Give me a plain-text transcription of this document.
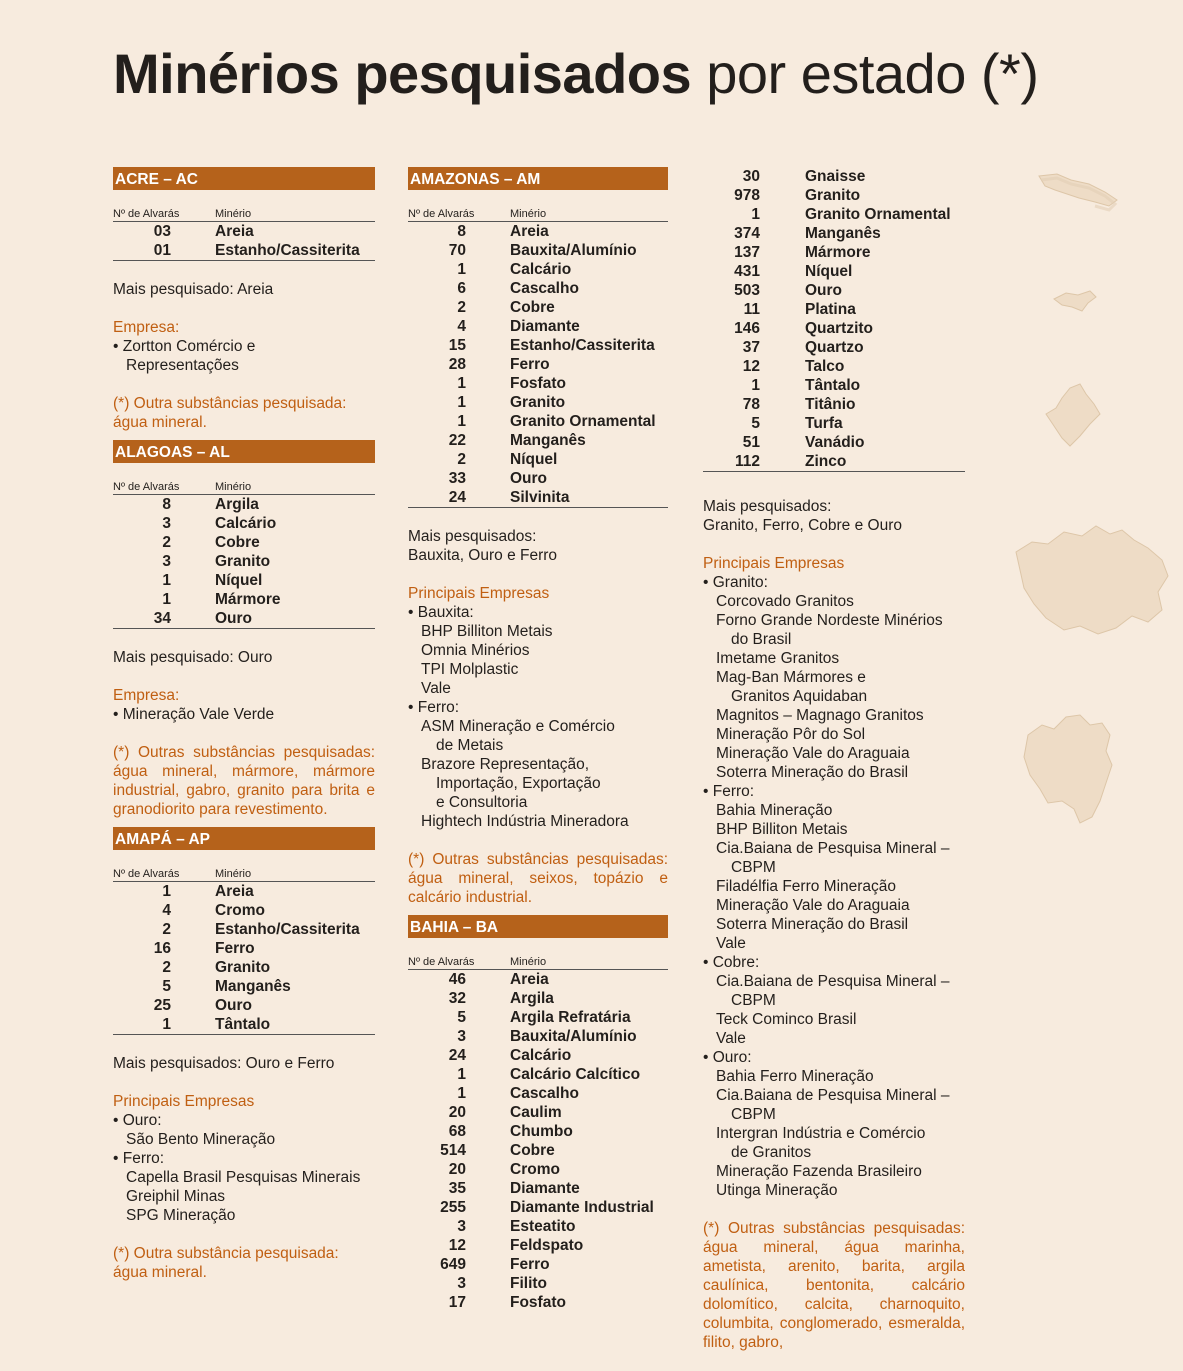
Minérios pesquisados por estado (*)
ACRE – AC
Nº de Alvarás	Minério
03	Areia
01	Estanho/Cassiterita

Mais pesquisado: Areia

Empresa:

• Zortton Comércio e

Representações

(*) Outra substâncias pesquisada: água mineral.

ALAGOAS – AL
Nº de Alvarás	Minério
8	Argila
3	Calcário
2	Cobre
3	Granito
1	Níquel
1	Mármore
34	Ouro

Mais pesquisado: Ouro

Empresa:

• Mineração Vale Verde

(*) Outras substâncias pesquisadas: água mineral, mármore, mármore industrial, gabro, granito para brita e granodiorito para revestimento.

AMAPÁ – AP
Nº de Alvarás	Minério
1	Areia
4	Cromo
2	Estanho/Cassiterita
16	Ferro
2	Granito
5	Manganês
25	Ouro
1	Tântalo

Mais pesquisados: Ouro e Ferro

Principais Empresas

• Ouro:

São Bento Mineração

• Ferro:

Capella Brasil Pesquisas Minerais

Greiphil Minas

SPG Mineração

(*) Outra substância pesquisada: água mineral.

AMAZONAS – AM
Nº de Alvarás	Minério
8	Areia
70	Bauxita/Alumínio
1	Calcário
6	Cascalho
2	Cobre
4	Diamante
15	Estanho/Cassiterita
28	Ferro
1	Fosfato
1	Granito
1	Granito Ornamental
22	Manganês
2	Níquel
33	Ouro
24	Silvinita

Mais pesquisados:

Bauxita, Ouro e Ferro

Principais Empresas

• Bauxita:

BHP Billiton Metais

Omnia Minérios

TPI Molplastic

Vale

• Ferro:

ASM Mineração e Comércio

de Metais

Brazore Representação,

Importação, Exportação

e Consultoria

Hightech Indústria Mineradora

(*) Outras substâncias pesquisadas: água mineral, seixos, topázio e calcário industrial.

BAHIA – BA
Nº de Alvarás	Minério
46	Areia
32	Argila
5	Argila Refratária
3	Bauxita/Alumínio
24	Calcário
1	Calcário Calcítico
1	Cascalho
20	Caulim
68	Chumbo
514	Cobre
20	Cromo
35	Diamante
255	Diamante Industrial
3	Esteatito
12	Feldspato
649	Ferro
3	Filito
17	Fosfato
30	Gnaisse
978	Granito
1	Granito Ornamental
374	Manganês
137	Mármore
431	Níquel
503	Ouro
11	Platina
146	Quartzito
37	Quartzo
12	Talco
1	Tântalo
78	Titânio
5	Turfa
51	Vanádio
112	Zinco

Mais pesquisados:

Granito, Ferro, Cobre e Ouro

Principais Empresas

• Granito:

Corcovado Granitos

Forno Grande Nordeste Minérios

do Brasil

Imetame Granitos

Mag-Ban Mármores e

Granitos Aquidaban

Magnitos – Magnago Granitos

Mineração Pôr do Sol

Mineração Vale do Araguaia

Soterra Mineração do Brasil

• Ferro:

Bahia Mineração

BHP Billiton Metais

Cia.Baiana de Pesquisa Mineral –

CBPM

Filadélfia Ferro Mineração

Mineração Vale do Araguaia

Soterra Mineração do Brasil

Vale

• Cobre:

Cia.Baiana de Pesquisa Mineral –

CBPM

Teck Cominco Brasil

Vale

• Ouro:

Bahia Ferro Mineração

Cia.Baiana de Pesquisa Mineral –

CBPM

Intergran Indústria e Comércio

de Granitos

Mineração Fazenda Brasileiro

Utinga Mineração

(*) Outras substâncias pesquisadas: água mineral, água marinha, ametista, arenito, barita, argila caulínica, bentonita, calcário dolomítico, calcita, charnoquito, columbita, conglomerado, esmeralda, filito, gabro,
